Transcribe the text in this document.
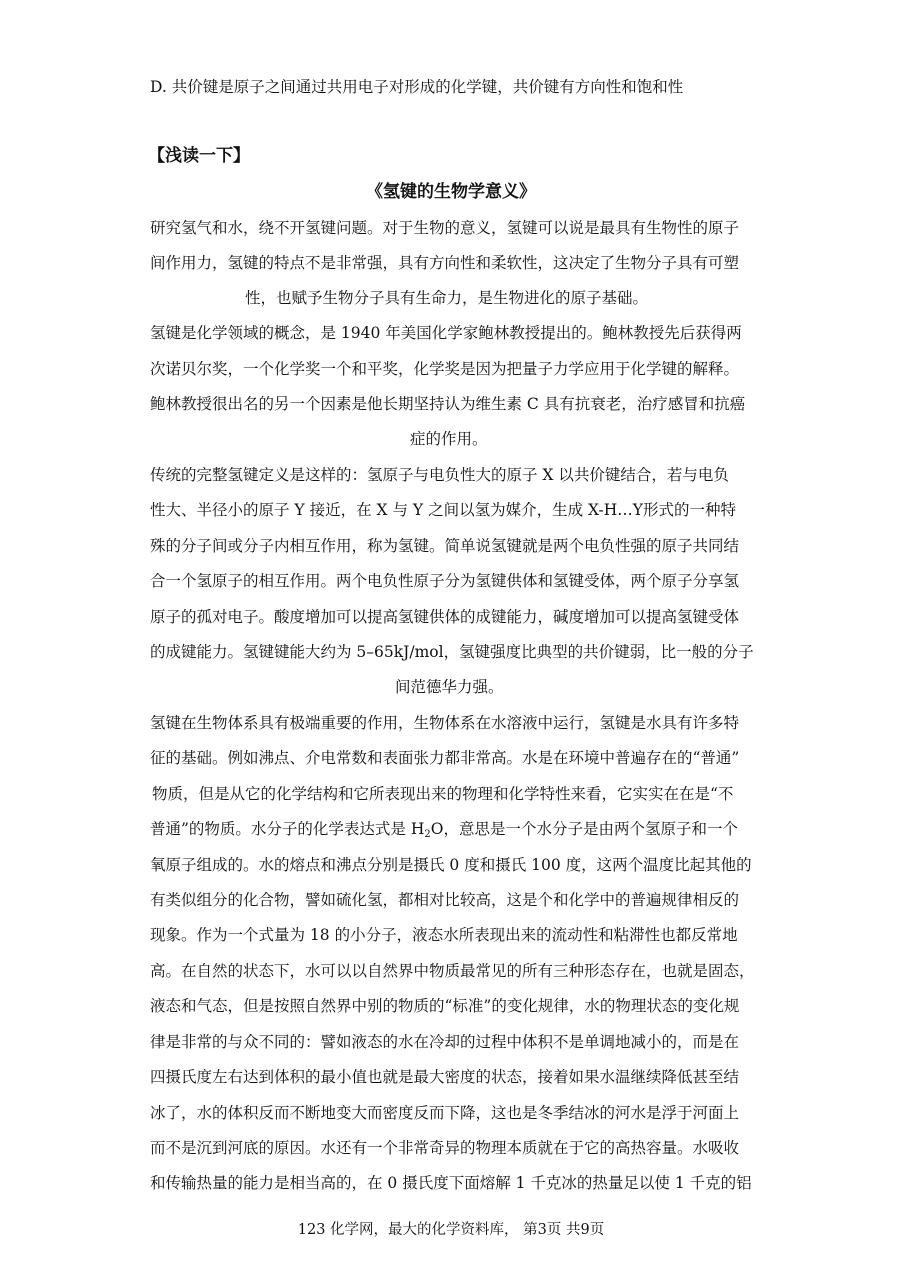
D. 共价键是原子之间通过共用电子对形成的化学键，共价键有方向性和饱和性
【浅读一下】
《氢键的生物学意义》
研究氢气和水，绕不开氢键问题。对于生物的意义，氢键可以说是最具有生物性的原子
间作用力，氢键的特点不是非常强，具有方向性和柔软性，这决定了生物分子具有可塑
性，也赋予生物分子具有生命力，是生物进化的原子基础。
氢键是化学领域的概念，是 1940 年美国化学家鲍林教授提出的。鲍林教授先后获得两
次诺贝尔奖，一个化学奖一个和平奖，化学奖是因为把量子力学应用于化学键的解释。
鲍林教授很出名的另一个因素是他长期坚持认为维生素 C 具有抗衰老，治疗感冒和抗癌
症的作用。
传统的完整氢键定义是这样的：氢原子与电负性大的原子 X 以共价键结合，若与电负
性大、半径小的原子 Y 接近，在 X 与 Y 之间以氢为媒介，生成 X-H…Y形式的一种特
殊的分子间或分子内相互作用，称为氢键。简单说氢键就是两个电负性强的原子共同结
合一个氢原子的相互作用。两个电负性原子分为氢键供体和氢键受体，两个原子分享氢
原子的孤对电子。酸度增加可以提高氢键供体的成键能力，碱度增加可以提高氢键受体
的成键能力。氢键键能大约为 5–65kJ/mol，氢键强度比典型的共价键弱，比一般的分子
间范德华力强。
氢键在生物体系具有极端重要的作用，生物体系在水溶液中运行，氢键是水具有许多特
征的基础。例如沸点、介电常数和表面张力都非常高。水是在环境中普遍存在的“普通”
物质，但是从它的化学结构和它所表现出来的物理和化学特性来看，它实实在在是“不
普通”的物质。水分子的化学表达式是 $H_2O$，意思是一个水分子是由两个氢原子和一个
氧原子组成的。水的熔点和沸点分别是摄氏 0 度和摄氏 100 度，这两个温度比起其他的
有类似组分的化合物，譬如硫化氢，都相对比较高，这是个和化学中的普遍规律相反的
现象。作为一个式量为 18 的小分子，液态水所表现出来的流动性和粘滞性也都反常地
高。在自然的状态下，水可以以自然界中物质最常见的所有三种形态存在，也就是固态，
液态和气态，但是按照自然界中别的物质的“标准”的变化规律，水的物理状态的变化规
律是非常的与众不同的：譬如液态的水在冷却的过程中体积不是单调地减小的，而是在
四摄氏度左右达到体积的最小值也就是最大密度的状态，接着如果水温继续降低甚至结
冰了，水的体积反而不断地变大而密度反而下降，这也是冬季结冰的河水是浮于河面上
而不是沉到河底的原因。水还有一个非常奇异的物理本质就在于它的高热容量。水吸收
和传输热量的能力是相当高的，在 0 摄氏度下面熔解 1 千克冰的热量足以使 1 千克的铝
123 化学网，最大的化学资料库， 第3页 共9页
